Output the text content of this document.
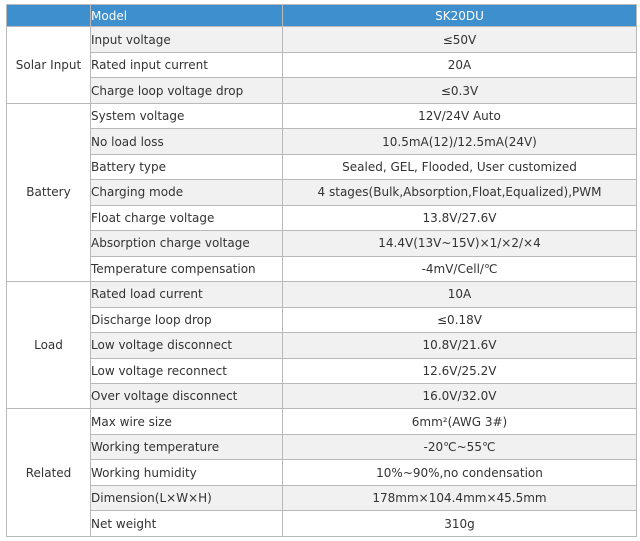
	Model	SK20DU
Solar Input	Input voltage	≤50V
	Rated input current	20A
	Charge loop voltage drop	≤0.3V
Battery	System voltage	12V/24V Auto
	No load loss	10.5mA(12)/12.5mA(24V)
	Battery type	Sealed, GEL, Flooded, User customized
	Charging mode	4 stages(Bulk,Absorption,Float,Equalized),PWM
	Float charge voltage	13.8V/27.6V
	Absorption charge voltage	14.4V(13V~15V)×1/×2/×4
	Temperature compensation	-4mV/Cell/℃
Load	Rated load current	10A
	Discharge loop drop	≤0.18V
	Low voltage disconnect	10.8V/21.6V
	Low voltage reconnect	12.6V/25.2V
	Over voltage disconnect	16.0V/32.0V
Related	Max wire size	6mm²(AWG 3#)
	Working temperature	-20℃~55℃
	Working humidity	10%~90%,no condensation
	Dimension(L×W×H)	178mm×104.4mm×45.5mm
	Net weight	310g
